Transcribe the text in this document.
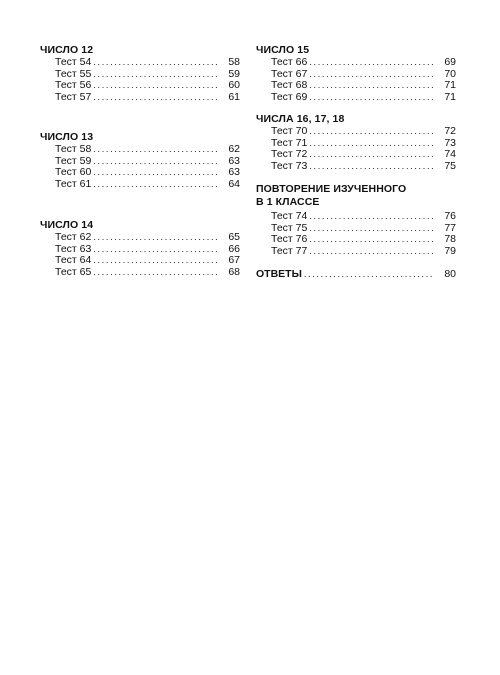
ЧИСЛО 12
Тест 54 . . .	58
Тест 55 . . .	59
Тест 56 . . .	60
Тест 57 . . .	61
ЧИСЛО 13
Тест 58 . . .	62
Тест 59 . . .	63
Тест 60 . . .	63
Тест 61 . . .	64
ЧИСЛО 14
Тест 62 . . .	65
Тест 63 . . .	66
Тест 64 . . .	67
Тест 65 . . .	68
ЧИСЛО 15
Тест 66 . . .	69
Тест 67 . . .	70
Тест 68 . . .	71
Тест 69 . . .	71
ЧИСЛА 16, 17, 18
Тест 70 . . .	72
Тест 71 . . .	73
Тест 72 . . .	74
Тест 73 . . .	75
ПОВТОРЕНИЕ ИЗУЧЕННОГО
В 1 КЛАССЕ
Тест 74 . . .	76
Тест 75 . . .	77
Тест 76 . . .	78
Тест 77 . . .	79
ОТВЕТЫ . . .	80
